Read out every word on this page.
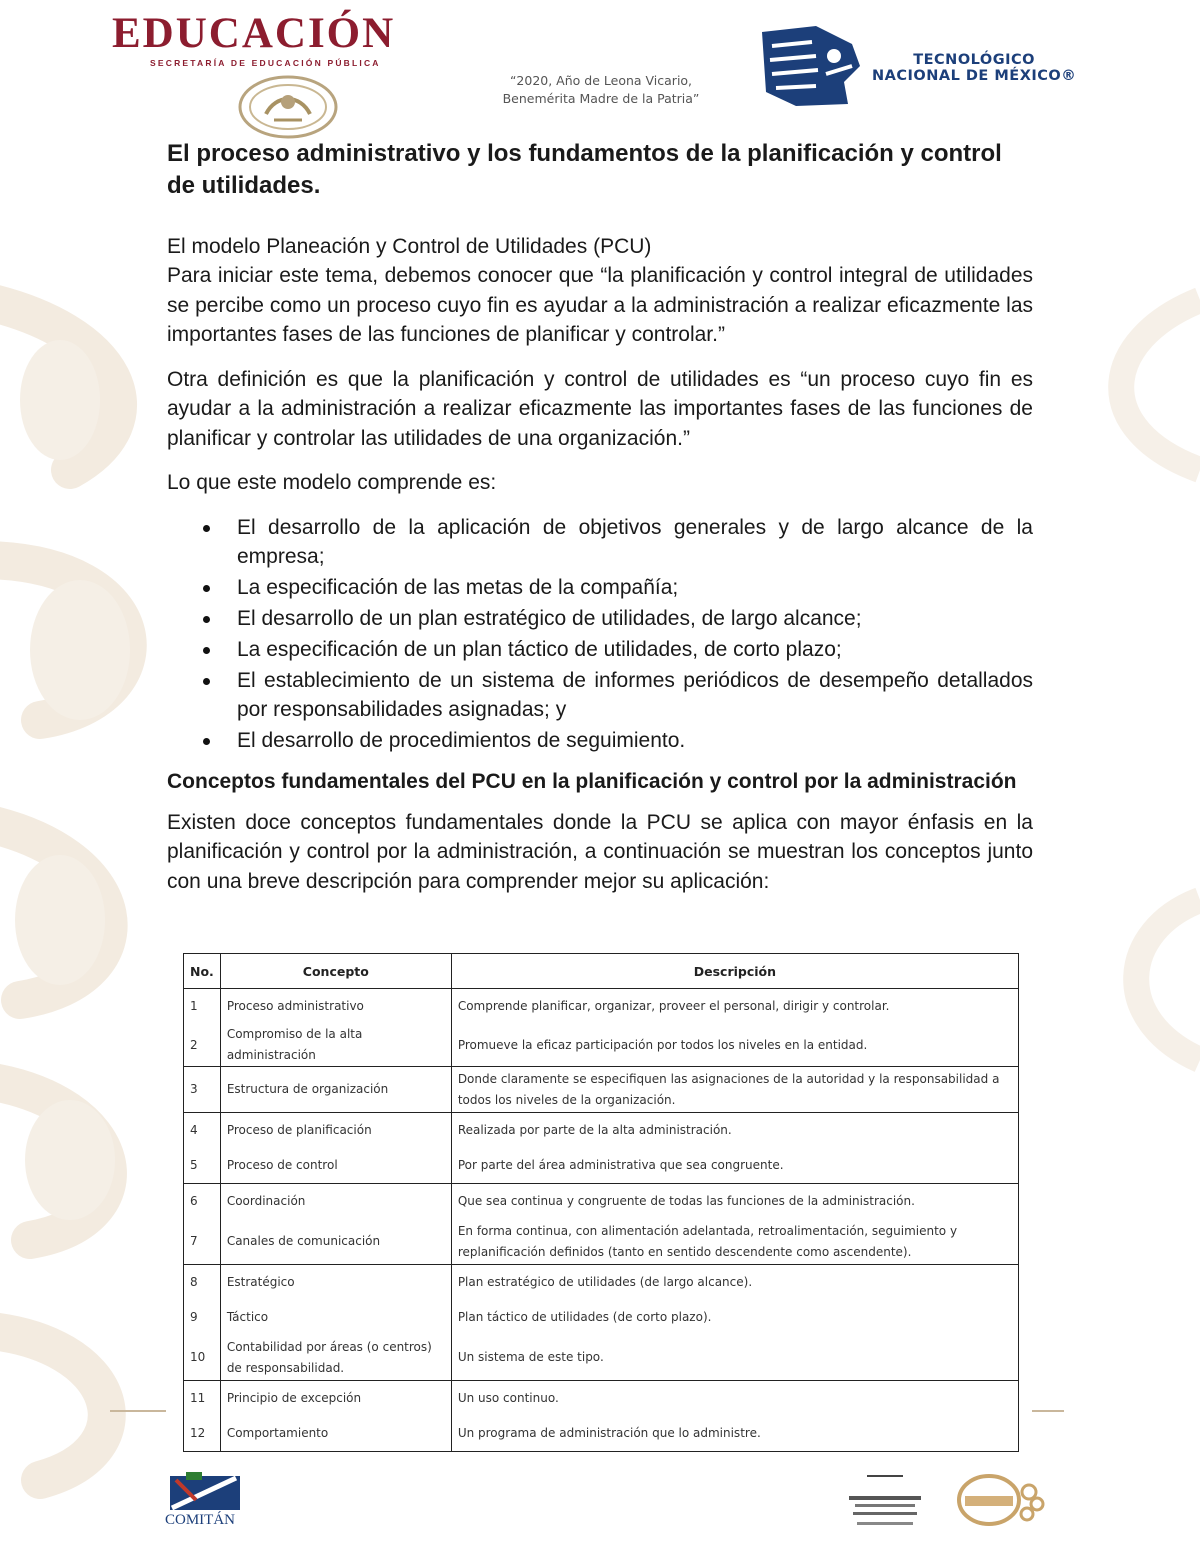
EDUCACIÓN
SECRETARÍA DE EDUCACIÓN PÚBLICA
“2020, Año de Leona Vicario,
Benemérita Madre de la Patria”
TECNOLÓGICO
NACIONAL DE MÉXICO®
El proceso administrativo y los fundamentos de la planificación y control de utilidades.

El modelo Planeación y Control de Utilidades (PCU)

Para iniciar este tema, debemos conocer que “la planificación y control integral de utilidades se percibe como un proceso cuyo fin es ayudar a la administración a realizar eficazmente las importantes fases de las funciones de planificar y controlar.”

Otra definición es que la planificación y control de utilidades es “un proceso cuyo fin es ayudar a la administración a realizar eficazmente las importantes fases de las funciones de planificar y controlar las utilidades de una organización.”

Lo que este modelo comprende es:

El desarrollo de la aplicación de objetivos generales y de largo alcance de la empresa;
La especificación de las metas de la compañía;
El desarrollo de un plan estratégico de utilidades, de largo alcance;
La especificación de un plan táctico de utilidades, de corto plazo;
El establecimiento de un sistema de informes periódicos de desempeño detallados por responsabilidades asignadas; y
El desarrollo de procedimientos de seguimiento.
Conceptos fundamentales del PCU en la planificación y control por la administración

Existen doce conceptos fundamentales donde la PCU se aplica con mayor énfasis en la planificación y control por la administración, a continuación se muestran los conceptos junto con una breve descripción para comprender mejor su aplicación:

No.	Concepto	Descripción
1	Proceso administrativo	Comprende planificar, organizar, proveer el personal, dirigir y controlar.
2	Compromiso de la alta administración	Promueve la eficaz participación por todos los niveles en la entidad.
3	Estructura de organización	Donde claramente se especifiquen las asignaciones de la autoridad y la responsabilidad a todos los niveles de la organización.
4	Proceso de planificación	Realizada por parte de la alta administración.
5	Proceso de control	Por parte del área administrativa que sea congruente.
6	Coordinación	Que sea continua y congruente de todas las funciones de la administración.
7	Canales de comunicación	En forma continua, con alimentación adelantada, retroalimentación, seguimiento y replanificación definidos (tanto en sentido descendente como ascendente).
8	Estratégico	Plan estratégico de utilidades (de largo alcance).
9	Táctico	Plan táctico de utilidades (de corto plazo).
10	Contabilidad por áreas (o centros) de responsabilidad.	Un sistema de este tipo.
11	Principio de excepción	Un uso continuo.
12	Comportamiento	Un programa de administración que lo administre.
COMITÁN
